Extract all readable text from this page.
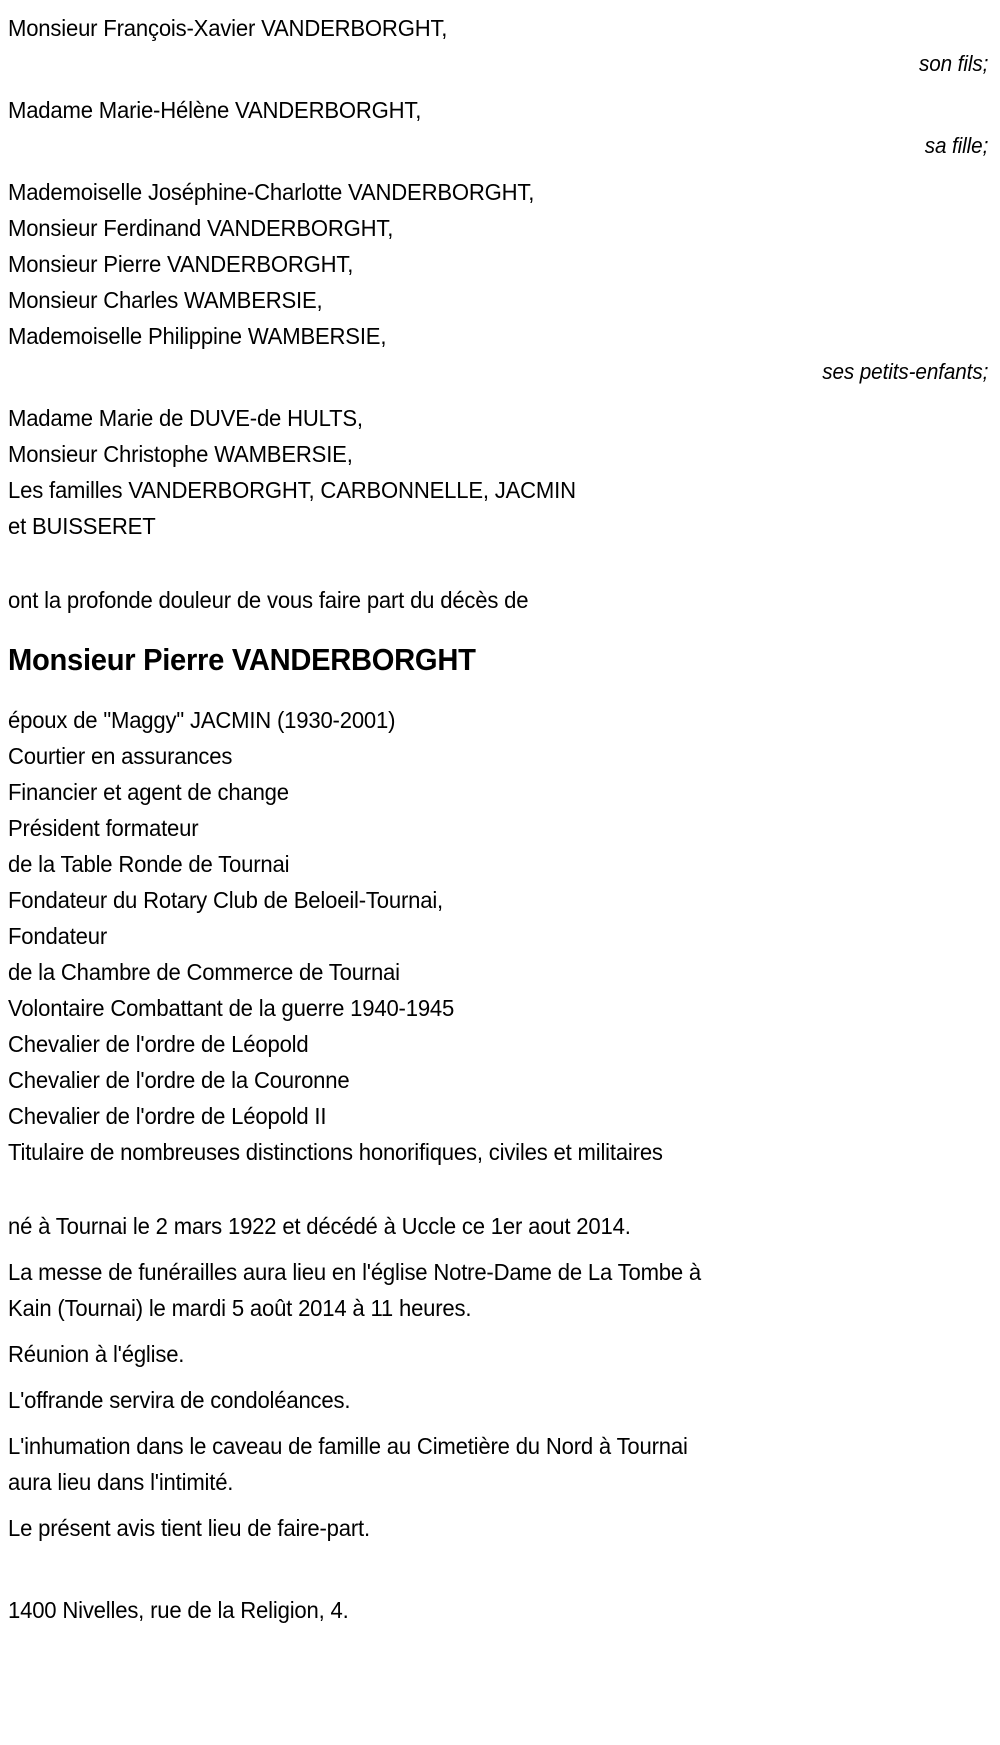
Monsieur François-Xavier VANDERBORGHT,
son fils;
Madame Marie-Hélène VANDERBORGHT,
sa fille;
Mademoiselle Joséphine-Charlotte VANDERBORGHT,
Monsieur Ferdinand VANDERBORGHT,
Monsieur Pierre VANDERBORGHT,
Monsieur Charles WAMBERSIE,
Mademoiselle Philippine WAMBERSIE,
ses petits-enfants;
Madame Marie de DUVE-de HULTS,
Monsieur Christophe WAMBERSIE,
Les familles VANDERBORGHT, CARBONNELLE, JACMIN
et BUISSERET
ont la profonde douleur de vous faire part du décès de
Monsieur Pierre VANDERBORGHT
époux de "Maggy" JACMIN (1930-2001)
Courtier en assurances
Financier et agent de change
Président formateur
de la Table Ronde de Tournai
Fondateur du Rotary Club de Beloeil-Tournai,
Fondateur
de la Chambre de Commerce de Tournai
Volontaire Combattant de la guerre 1940-1945
Chevalier de l'ordre de Léopold
Chevalier de l'ordre de la Couronne
Chevalier de l'ordre de Léopold II
Titulaire de nombreuses distinctions honorifiques, civiles et militaires
né à Tournai le 2 mars 1922 et décédé à Uccle ce 1er aout 2014.
La messe de funérailles aura lieu en l'église Notre-Dame de La Tombe à
Kain (Tournai) le mardi 5 août 2014 à 11 heures.
Réunion à l'église.
L'offrande servira de condoléances.
L'inhumation dans le caveau de famille au Cimetière du Nord à Tournai
aura lieu dans l'intimité.
Le présent avis tient lieu de faire-part.
1400 Nivelles, rue de la Religion, 4.
